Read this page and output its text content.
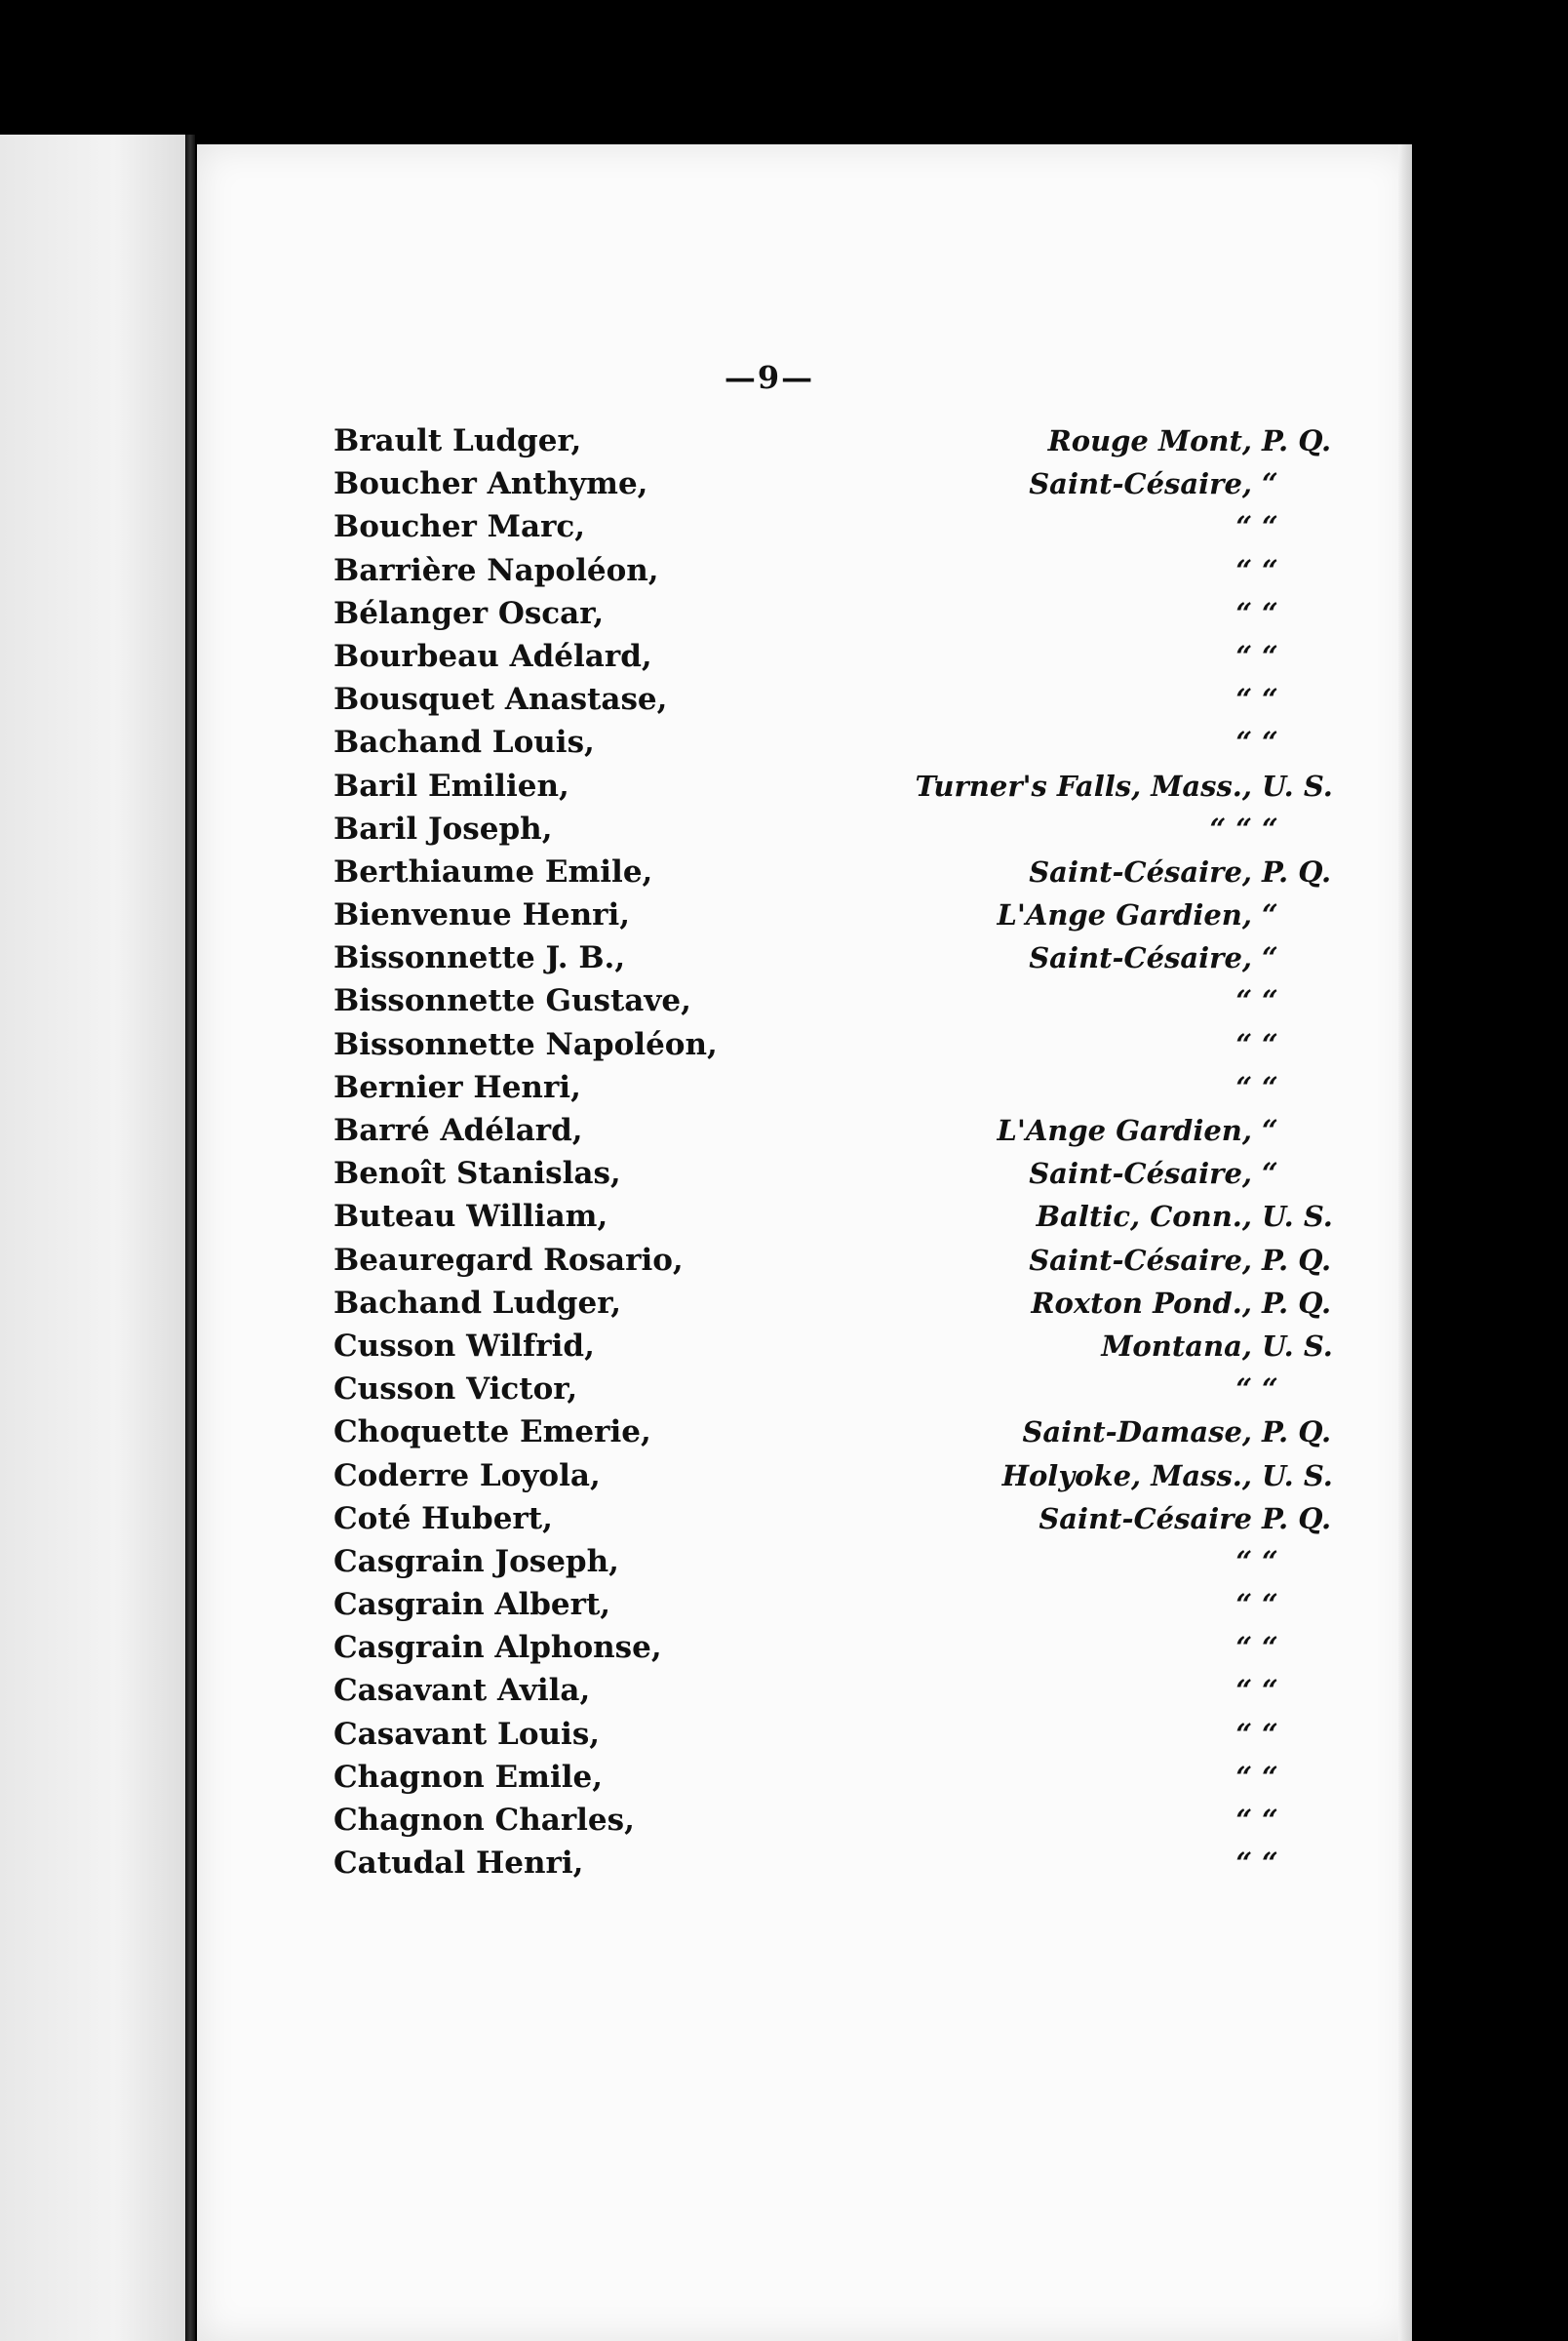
—9—
Brault Ludger,	Rouge Mont, P. Q.
Boucher Anthyme,	Saint-Césaire, “
Boucher Marc,	“ “
Barrière Napoléon,	“ “
Bélanger Oscar,	“ “
Bourbeau Adélard,	“ “
Bousquet Anastase,	“ “
Bachand Louis,	“ “
Baril Emilien,	Turner's Falls, Mass., U. S.
Baril Joseph,	“ “ “
Berthiaume Emile,	Saint-Césaire, P. Q.
Bienvenue Henri,	L'Ange Gardien, “
Bissonnette J. B.,	Saint-Césaire, “
Bissonnette Gustave,	“ “
Bissonnette Napoléon,	“ “
Bernier Henri,	“ “
Barré Adélard,	L'Ange Gardien, “
Benoît Stanislas,	Saint-Césaire, “
Buteau William,	Baltic, Conn., U. S.
Beauregard Rosario,	Saint-Césaire, P. Q.
Bachand Ludger,	Roxton Pond., P. Q.
Cusson Wilfrid,	Montana, U. S.
Cusson Victor,	“ “
Choquette Emerie,	Saint-Damase, P. Q.
Coderre Loyola,	Holyoke, Mass., U. S.
Coté Hubert,	Saint-Césaire P. Q.
Casgrain Joseph,	“ “
Casgrain Albert,	“ “
Casgrain Alphonse,	“ “
Casavant Avila,	“ “
Casavant Louis,	“ “
Chagnon Emile,	“ “
Chagnon Charles,	“ “
Catudal Henri,	“ “
